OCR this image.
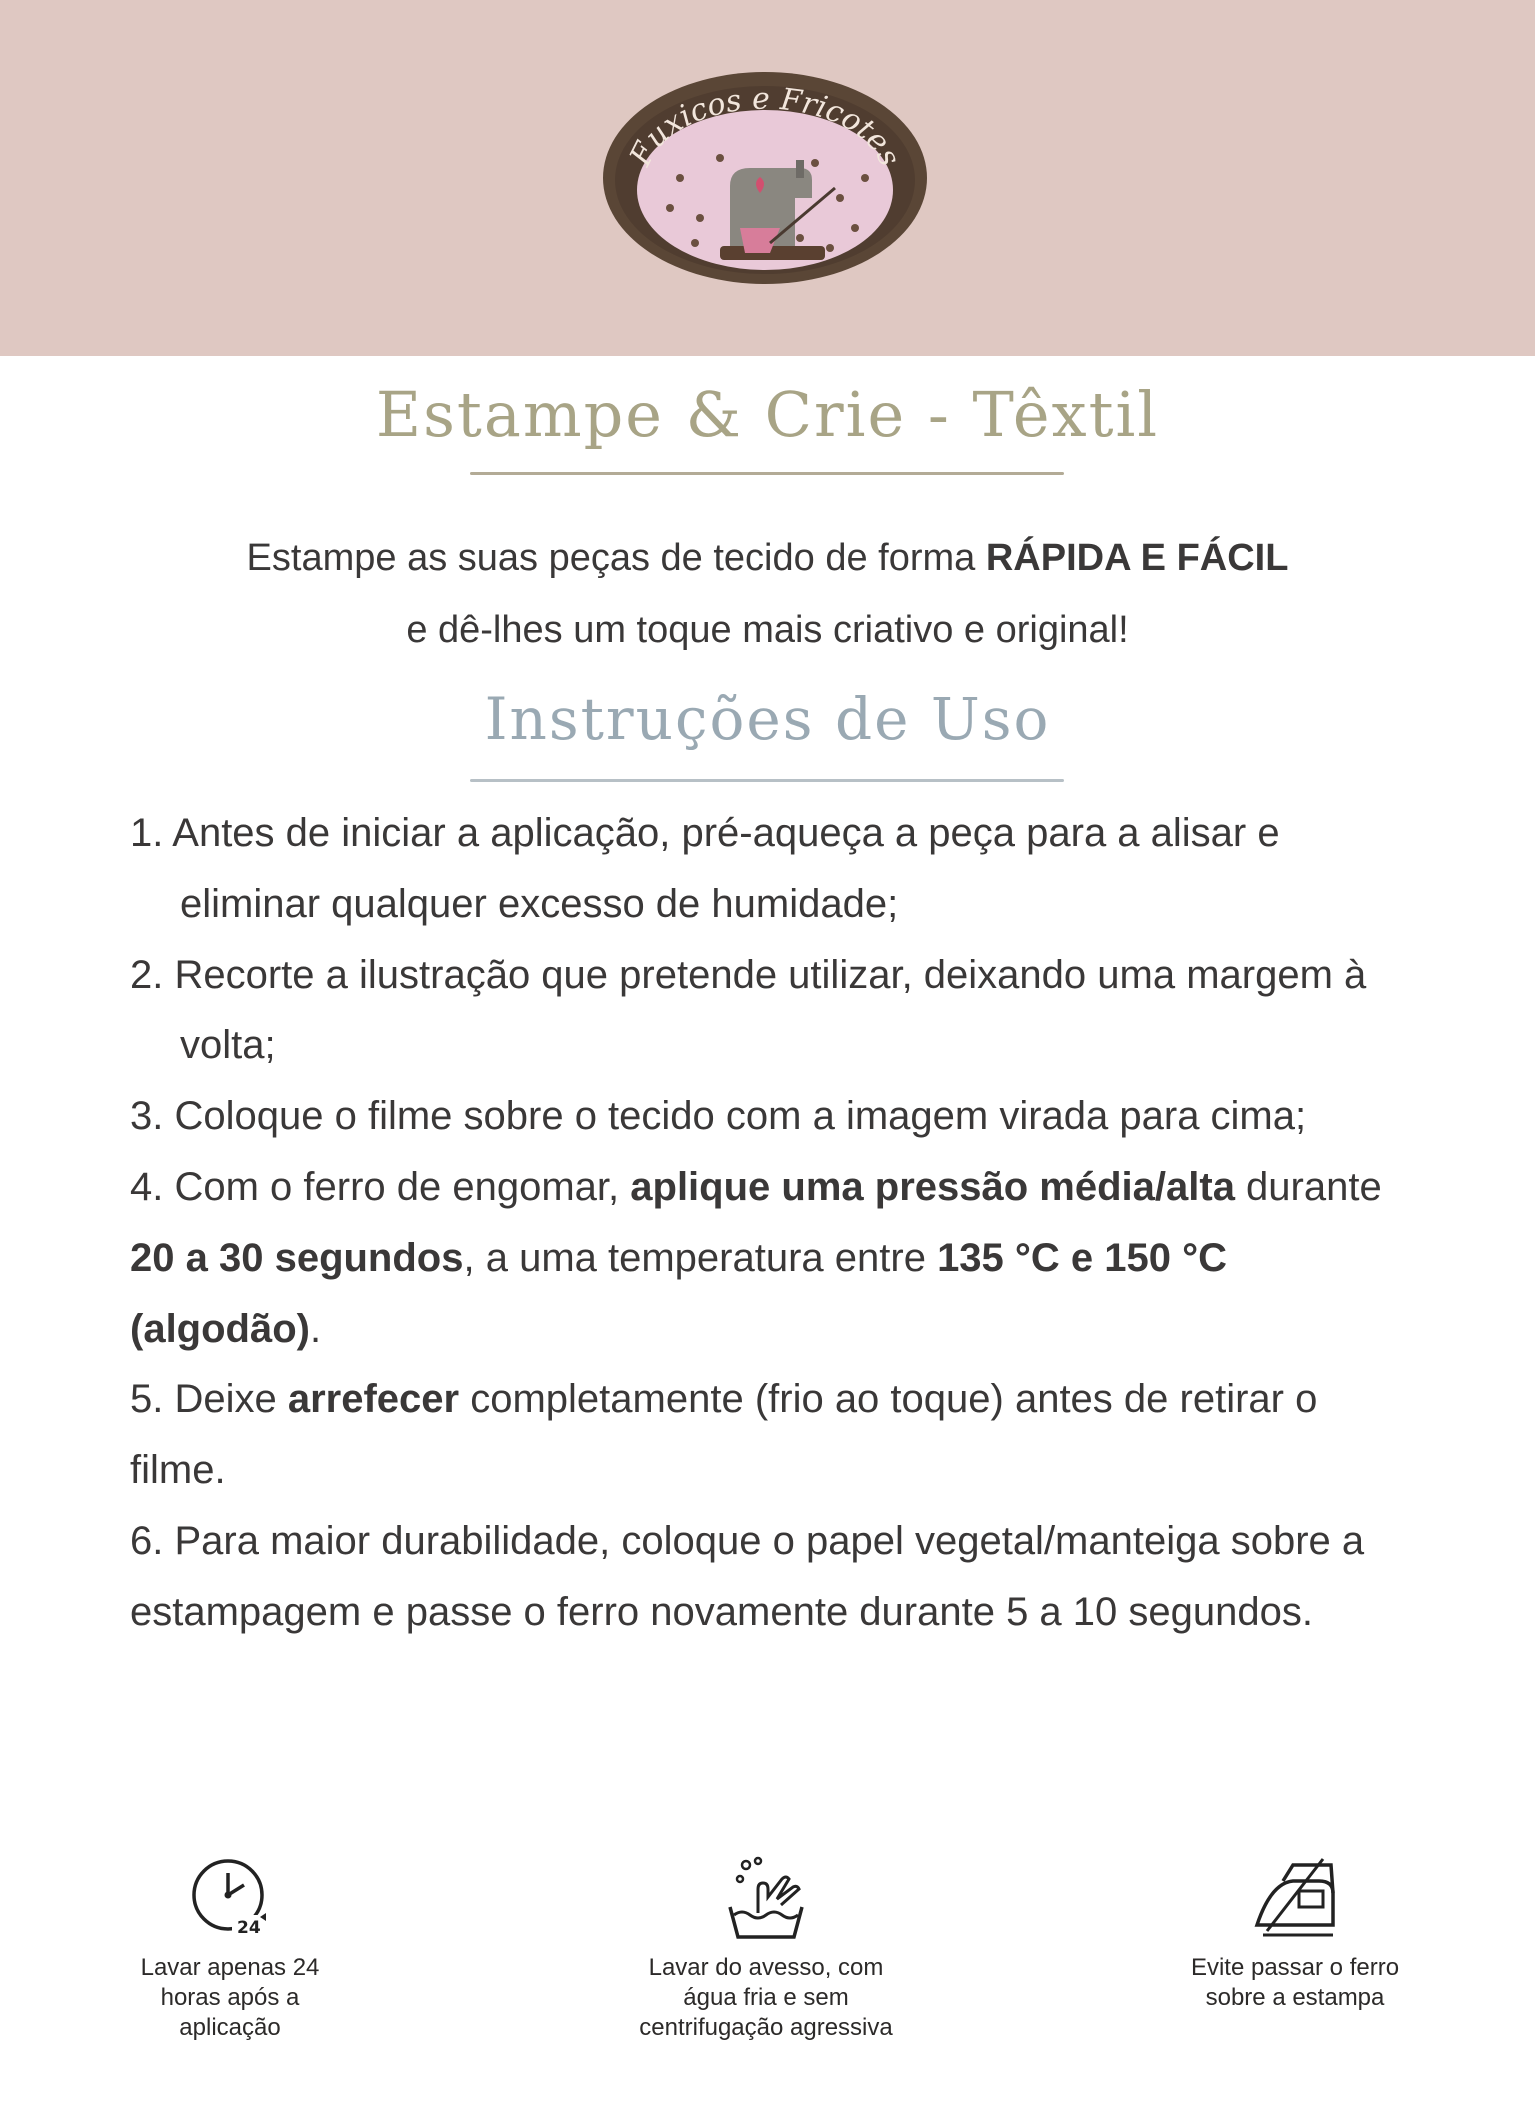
Fuxicos e Fricotes
Estampe & Crie - Têxtil

Estampe as suas peças de tecido de forma RÁPIDA E FÁCIL
e dê-lhes um toque mais criativo e original!

Instruções de Uso

1. Antes de iniciar a aplicação, pré-aqueça a peça para a alisar e eliminar qualquer excesso de humidade;

2. Recorte a ilustração que pretende utilizar, deixando uma margem à volta;

3. Coloque o filme sobre o tecido com a imagem virada para cima;

4. Com o ferro de engomar, aplique uma pressão média/alta durante 20 a 30 segundos, a uma temperatura entre 135 °C e 150 °C (algodão).

5. Deixe arrefecer completamente (frio ao toque) antes de retirar o filme.

6. Para maior durabilidade, coloque o papel vegetal/manteiga sobre a estampagem e passe o ferro novamente durante 5 a 10 segundos.

24

Lavar apenas 24 horas após a aplicação

Lavar do avesso, com água fria e sem centrifugação agressiva

Evite passar o ferro sobre a estampa
